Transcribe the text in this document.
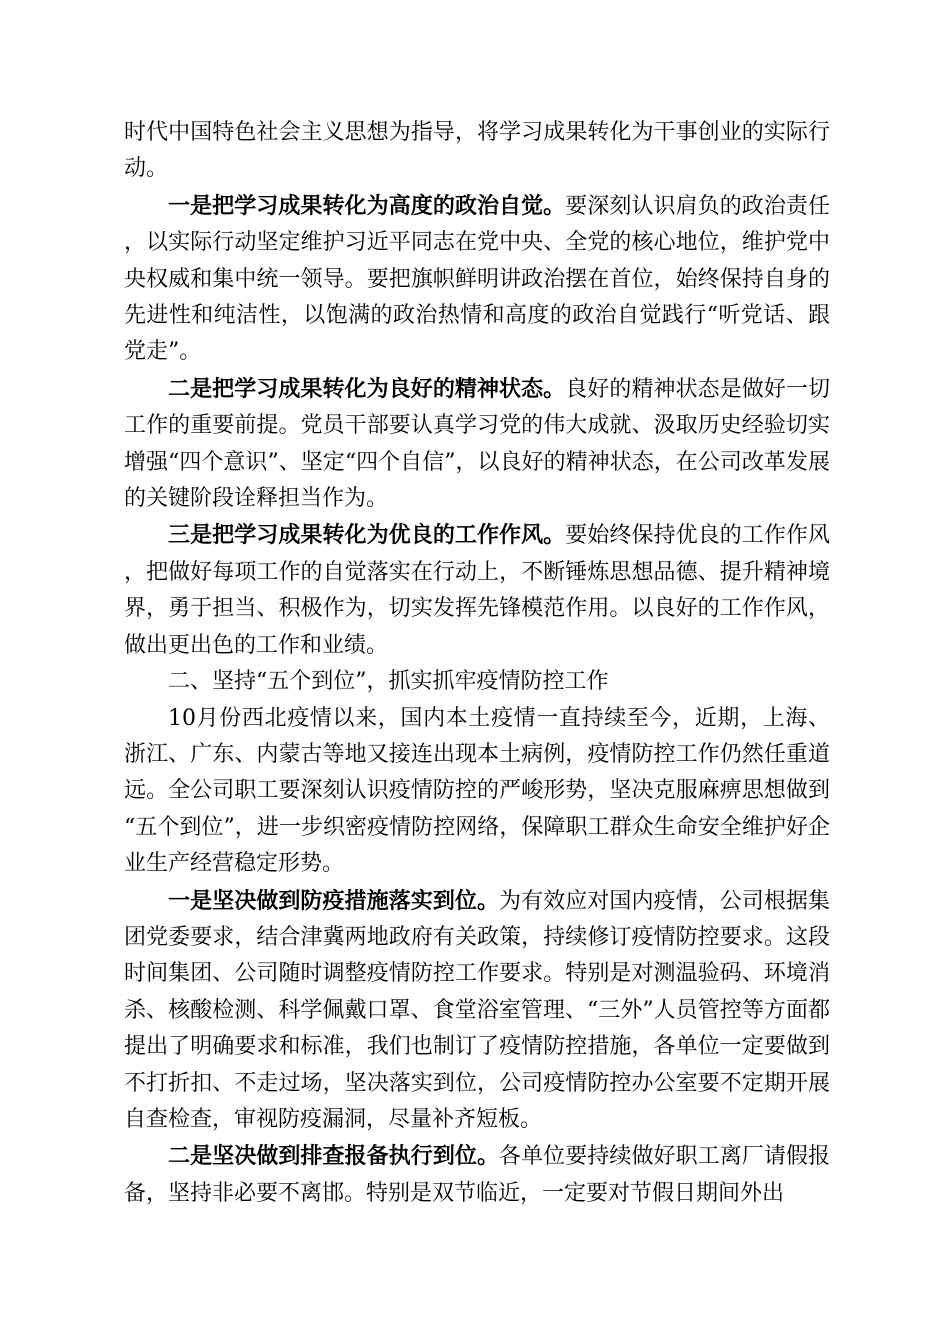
时代中国特色社会主义思想为指导，将学习成果转化为干事创业的实际行动。

一是把学习成果转化为高度的政治自觉。要深刻认识肩负的政治责任，以实际行动坚定维护习近平同志在党中央、全党的核心地位，维护党中央权威和集中统一领导。要把旗帜鲜明讲政治摆在首位，始终保持自身的先进性和纯洁性，以饱满的政治热情和高度的政治自觉践行“听党话、跟党走”。

二是把学习成果转化为良好的精神状态。良好的精神状态是做好一切工作的重要前提。党员干部要认真学习党的伟大成就、汲取历史经验切实增强“四个意识”、坚定“四个自信”，以良好的精神状态，在公司改革发展的关键阶段诠释担当作为。

三是把学习成果转化为优良的工作作风。要始终保持优良的工作作风，把做好每项工作的自觉落实在行动上，不断锤炼思想品德、提升精神境界，勇于担当、积极作为，切实发挥先锋模范作用。以良好的工作作风，做出更出色的工作和业绩。

二、坚持“五个到位”，抓实抓牢疫情防控工作

10月份西北疫情以来，国内本土疫情一直持续至今，近期，上海、浙江、广东、内蒙古等地又接连出现本土病例，疫情防控工作仍然任重道远。全公司职工要深刻认识疫情防控的严峻形势，坚决克服麻痹思想做到“五个到位”，进一步织密疫情防控网络，保障职工群众生命安全维护好企业生产经营稳定形势。

一是坚决做到防疫措施落实到位。为有效应对国内疫情，公司根据集团党委要求，结合津冀两地政府有关政策，持续修订疫情防控要求。这段时间集团、公司随时调整疫情防控工作要求。特别是对测温验码、环境消杀、核酸检测、科学佩戴口罩、食堂浴室管理、“三外”人员管控等方面都提出了明确要求和标准，我们也制订了疫情防控措施，各单位一定要做到不打折扣、不走过场，坚决落实到位，公司疫情防控办公室要不定期开展自查检查，审视防疫漏洞，尽量补齐短板。

二是坚决做到排查报备执行到位。各单位要持续做好职工离厂请假报备，坚持非必要不离邯。特别是双节临近，一定要对节假日期间外出
